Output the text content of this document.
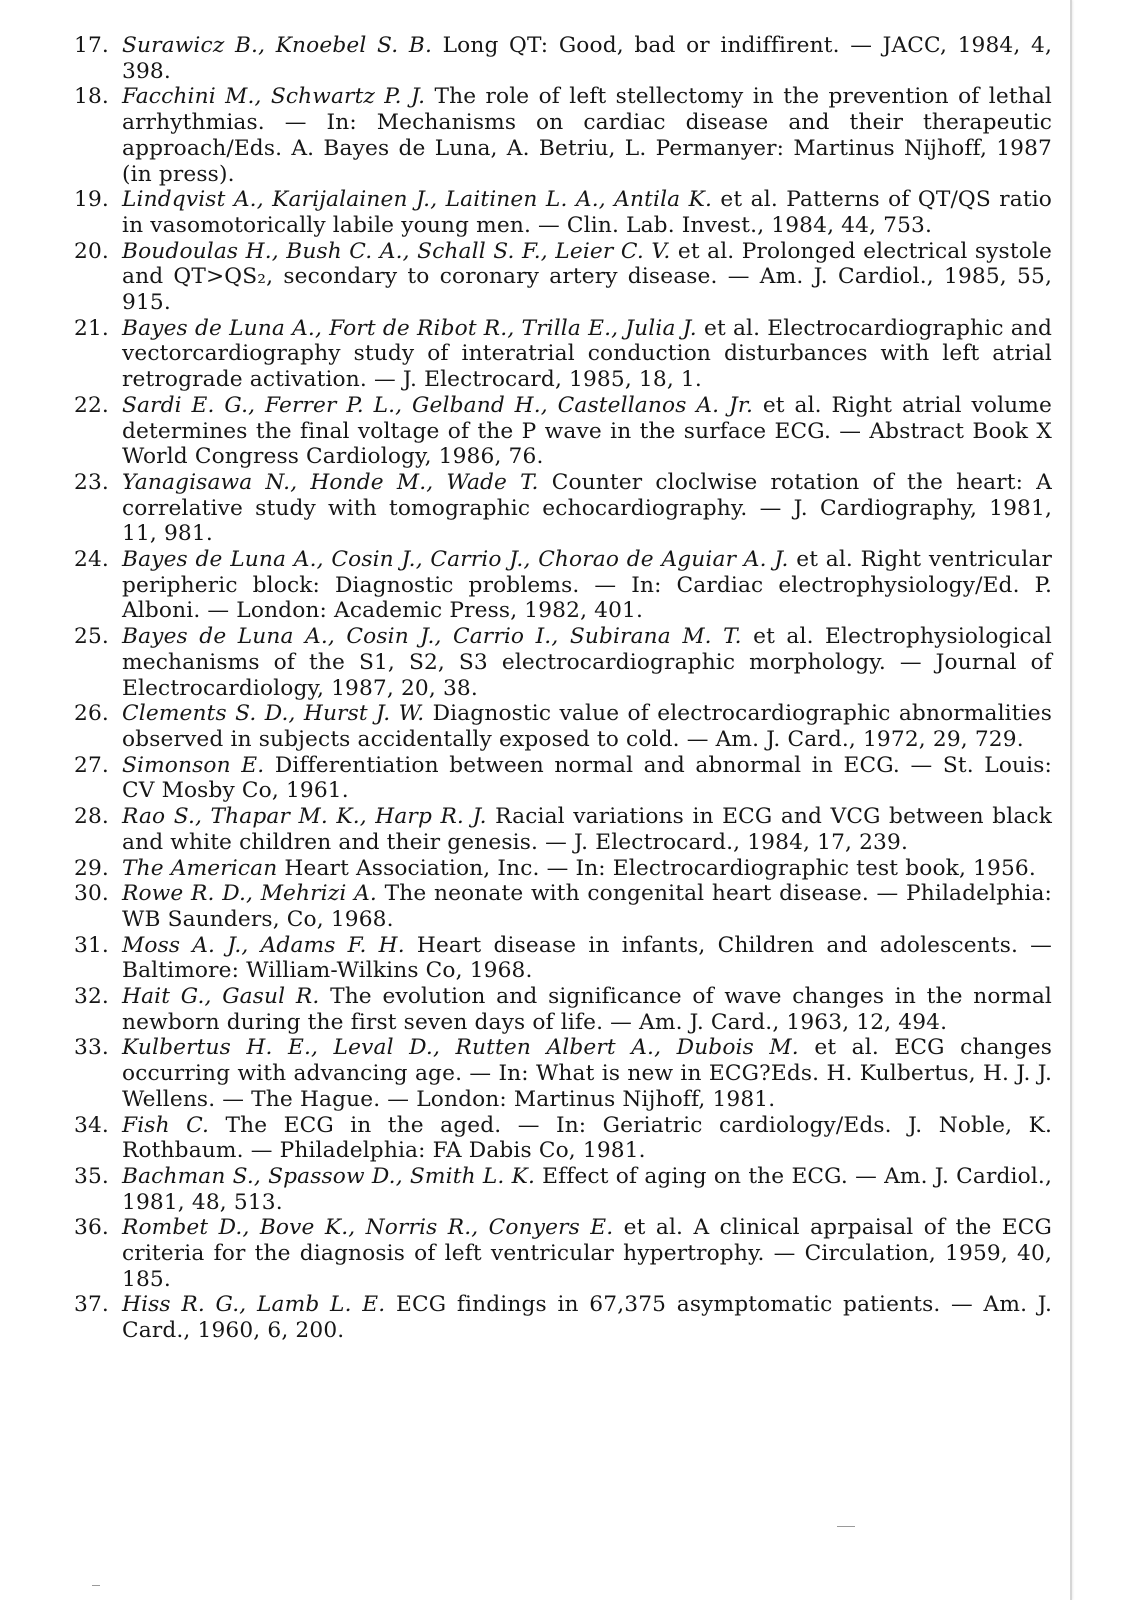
17. Surawicz B., Knoebel S. B. Long QT: Good, bad or indiffirent. — JACC, 1984, 4, 398.
18. Facchini M., Schwartz P. J. The role of left stellectomy in the prevention of lethal arrhythmias. — In: Mechanisms on cardiac disease and their therapeutic approach/Eds. A. Bayes de Luna, A. Betriu, L. Permanyer: Martinus Nijhoff, 1987 (in press).
19. Lindqvist A., Karijalainen J., Laitinen L. A., Antila K. et al. Patterns of QT/QS ratio in vasomotorically labile young men. — Clin. Lab. Invest., 1984, 44, 753.
20. Boudoulas H., Bush C. A., Schall S. F., Leier C. V. et al. Prolonged electrical systole and QT>QS₂, secondary to coronary artery disease. — Am. J. Cardiol., 1985, 55, 915.
21. Bayes de Luna A., Fort de Ribot R., Trilla E., Julia J. et al. Electrocardiographic and vectorcardiography study of interatrial conduction disturbances with left atrial retrograde activation. — J. Electrocard, 1985, 18, 1.
22. Sardi E. G., Ferrer P. L., Gelband H., Castellanos A. Jr. et al. Right atrial volume determines the final voltage of the P wave in the surface ECG. — Abstract Book X World Congress Cardiology, 1986, 76.
23. Yanagisawa N., Honde M., Wade T. Counter cloclwise rotation of the heart: A correlative study with tomographic echocardiography. — J. Cardiography, 1981, 11, 981.
24. Bayes de Luna A., Cosin J., Carrio J., Chorao de Aguiar A. J. et al. Right ventricular peripheric block: Diagnostic problems. — In: Cardiac electrophysiology/Ed. P. Alboni. — London: Academic Press, 1982, 401.
25. Bayes de Luna A., Cosin J., Carrio I., Subirana M. T. et al. Electrophysiological mechanisms of the S1, S2, S3 electrocardiographic morphology. — Journal of Electrocardiology, 1987, 20, 38.
26. Clements S. D., Hurst J. W. Diagnostic value of electrocardiographic abnormalities observed in subjects accidentally exposed to cold. — Am. J. Card., 1972, 29, 729.
27. Simonson E. Differentiation between normal and abnormal in ECG. — St. Louis: CV Mosby Co, 1961.
28. Rao S., Thapar M. K., Harp R. J. Racial variations in ECG and VCG between black and white children and their genesis. — J. Electrocard., 1984, 17, 239.
29. The American Heart Association, Inc. — In: Electrocardiographic test book, 1956.
30. Rowe R. D., Mehrizi A. The neonate with congenital heart disease. — Philadelphia: WB Saunders, Co, 1968.
31. Moss A. J., Adams F. H. Heart disease in infants, Children and adolescents. — Baltimore: William-Wilkins Co, 1968.
32. Hait G., Gasul R. The evolution and significance of wave changes in the normal newborn during the first seven days of life. — Am. J. Card., 1963, 12, 494.
33. Kulbertus H. E., Leval D., Rutten Albert A., Dubois M. et al. ECG changes occurring with advancing age. — In: What is new in ECG?Eds. H. Kulbertus, H. J. J. Wellens. — The Hague. — London: Martinus Nijhoff, 1981.
34. Fish C. The ECG in the aged. — In: Geriatric cardiology/Eds. J. Noble, K. Rothbaum. — Philadelphia: FA Dabis Co, 1981.
35. Bachman S., Spassow D., Smith L. K. Effect of aging on the ECG. — Am. J. Cardiol., 1981, 48, 513.
36. Rombet D., Bove K., Norris R., Conyers E. et al. A clinical aprpaisal of the ECG criteria for the diagnosis of left ventricular hypertrophy. — Circulation, 1959, 40, 185.
37. Hiss R. G., Lamb L. E. ECG findings in 67,375 asymptomatic patients. — Am. J. Card., 1960, 6, 200.
